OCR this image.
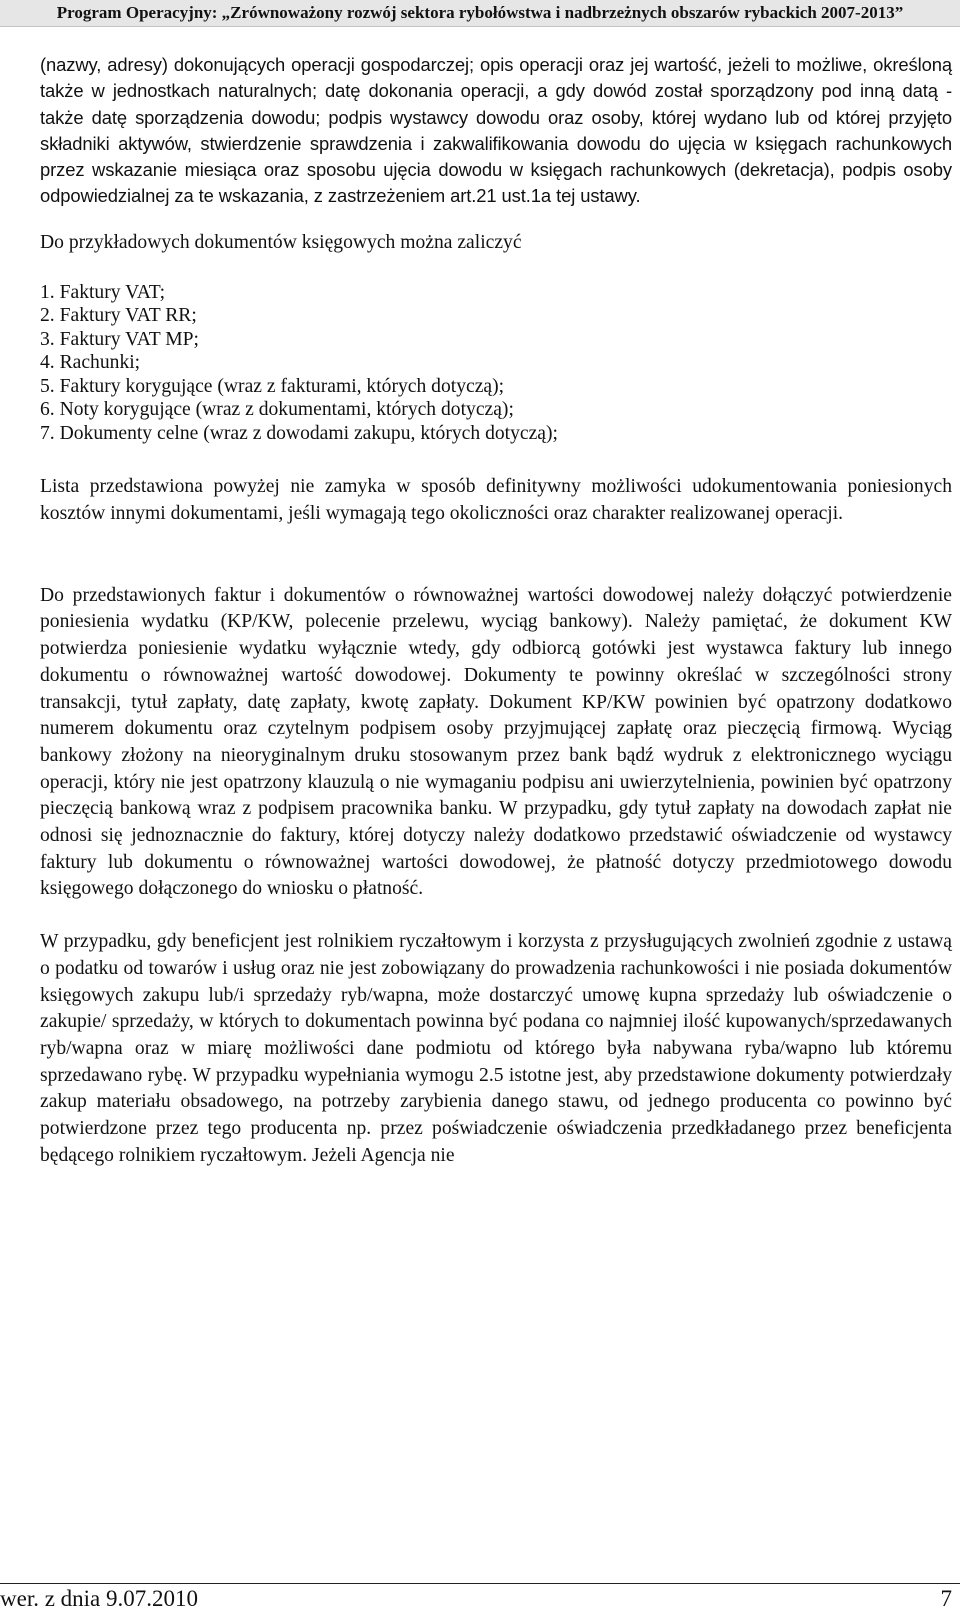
Program Operacyjny: „Zrównoważony rozwój sektora rybołówstwa i nadbrzeżnych obszarów rybackich 2007-2013”

(nazwy, adresy) dokonujących operacji gospodarczej; opis operacji oraz jej wartość, jeżeli to możliwe, określoną także w jednostkach naturalnych; datę dokonania operacji, a gdy dowód został sporządzony pod inną datą - także datę sporządzenia dowodu; podpis wystawcy dowodu oraz osoby, której wydano lub od której przyjęto składniki aktywów, stwierdzenie sprawdzenia i zakwalifikowania dowodu do ujęcia w księgach rachunkowych przez wskazanie miesiąca oraz sposobu ujęcia dowodu w księgach rachunkowych (dekretacja), podpis osoby odpowiedzialnej za te wskazania, z zastrzeżeniem art.21 ust.1a tej ustawy.

Do przykładowych dokumentów księgowych można zaliczyć

1. Faktury VAT;
2. Faktury VAT RR;
3. Faktury VAT MP;
4. Rachunki;
5. Faktury korygujące (wraz z fakturami, których dotyczą);
6. Noty korygujące (wraz z dokumentami, których dotyczą);
7. Dokumenty celne (wraz z dowodami zakupu, których dotyczą);

Lista przedstawiona powyżej nie zamyka w sposób definitywny możliwości udokumentowania poniesionych kosztów innymi dokumentami, jeśli wymagają tego okoliczności oraz charakter realizowanej operacji.

Do przedstawionych faktur i dokumentów o równoważnej wartości dowodowej należy dołączyć potwierdzenie poniesienia wydatku (KP/KW, polecenie przelewu, wyciąg bankowy). Należy pamiętać, że dokument KW potwierdza poniesienie wydatku wyłącznie wtedy, gdy odbiorcą gotówki jest wystawca faktury lub innego dokumentu o równoważnej wartość dowodowej. Dokumenty te powinny określać w szczególności strony transakcji, tytuł zapłaty, datę zapłaty, kwotę zapłaty. Dokument KP/KW powinien być opatrzony dodatkowo numerem dokumentu oraz czytelnym podpisem osoby przyjmującej zapłatę oraz pieczęcią firmową. Wyciąg bankowy złożony na nieoryginalnym druku stosowanym przez bank bądź wydruk z elektronicznego wyciągu operacji, który nie jest opatrzony klauzulą o nie wymaganiu podpisu ani uwierzytelnienia, powinien być opatrzony pieczęcią bankową wraz z podpisem pracownika banku. W przypadku, gdy tytuł zapłaty na dowodach zapłat nie odnosi się jednoznacznie do faktury, której dotyczy należy dodatkowo przedstawić oświadczenie od wystawcy faktury lub dokumentu o równoważnej wartości dowodowej, że płatność dotyczy przedmiotowego dowodu księgowego dołączonego do wniosku o płatność.

W przypadku, gdy beneficjent jest rolnikiem ryczałtowym i korzysta z przysługujących zwolnień zgodnie z ustawą o podatku od towarów i usług oraz nie jest zobowiązany do prowadzenia rachunkowości i nie posiada dokumentów księgowych zakupu lub/i sprzedaży ryb/wapna, może dostarczyć umowę kupna sprzedaży lub oświadczenie o zakupie/ sprzedaży, w których to dokumentach powinna być podana co najmniej ilość kupowanych/sprzedawanych ryb/wapna oraz w miarę możliwości dane podmiotu od którego była nabywana ryba/wapno lub któremu sprzedawano rybę. W przypadku wypełniania wymogu 2.5 istotne jest, aby przedstawione dokumenty potwierdzały zakup materiału obsadowego, na potrzeby zarybienia danego stawu, od jednego producenta co powinno być potwierdzone przez tego producenta np. przez poświadczenie oświadczenia przedkładanego przez beneficjenta będącego rolnikiem ryczałtowym. Jeżeli Agencja nie

wer. z dnia 9.07.2010	7
